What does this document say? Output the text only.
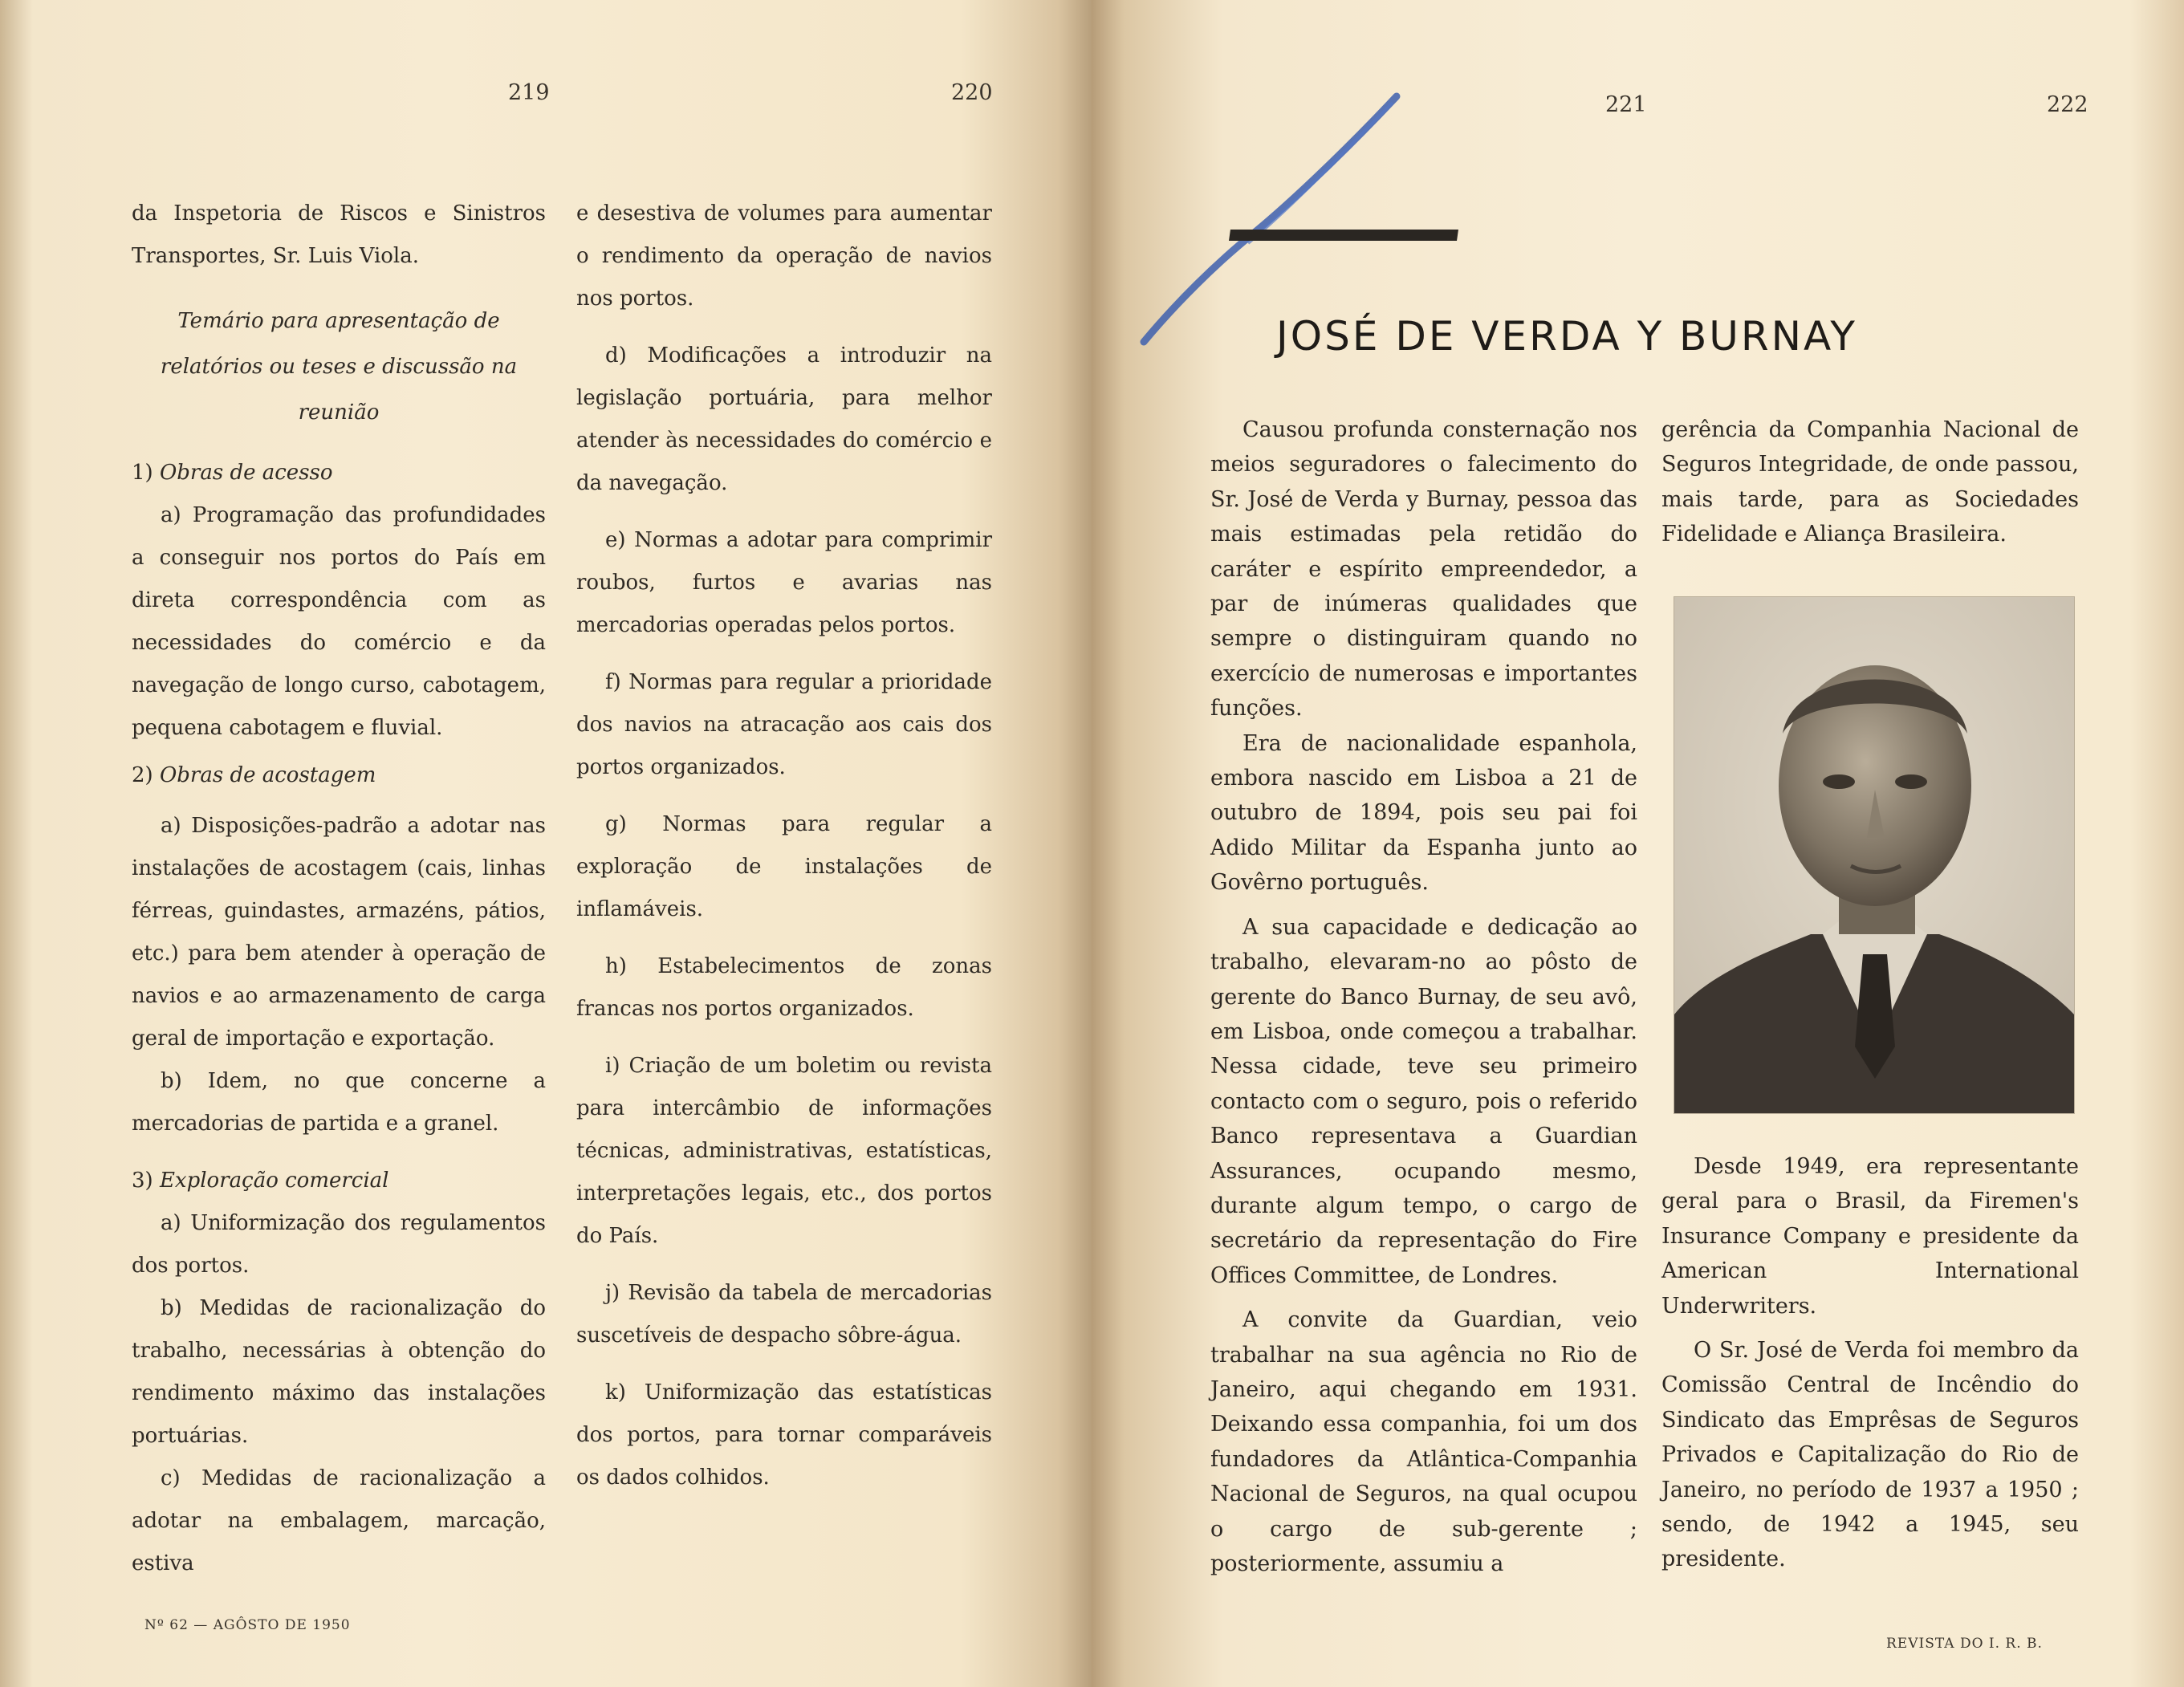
219	220

da Inspetoria de Riscos e Sinistros Transportes, Sr. Luis Viola.

Temário para apresentação de relatórios ou teses e discussão na reunião

1) Obras de acesso

a) Programação das profundidades a conseguir nos portos do País em direta correspondência com as necessidades do comércio e da navegação de longo curso, cabotagem, pequena cabotagem e fluvial.

2) Obras de acostagem

a) Disposições-padrão a adotar nas instalações de acostagem (cais, linhas férreas, guindastes, armazéns, pátios, etc.) para bem atender à operação de navios e ao armazenamento de carga geral de importação e exportação.

b) Idem, no que concerne a mercadorias de partida e a granel.

3) Exploração comercial

a) Uniformização dos regulamentos dos portos.

b) Medidas de racionalização do trabalho, necessárias à obtenção do rendimento máximo das instalações portuárias.

c) Medidas de racionalização a adotar na embalagem, marcação, estiva

e desestiva de volumes para aumentar o rendimento da operação de navios nos portos.

d) Modificações a introduzir na legislação portuária, para melhor atender às necessidades do comércio e da navegação.

e) Normas a adotar para comprimir roubos, furtos e avarias nas mercadorias operadas pelos portos.

f) Normas para regular a prioridade dos navios na atracação aos cais dos portos organizados.

g) Normas para regular a exploração de instalações de inflamáveis.

h) Estabelecimentos de zonas francas nos portos organizados.

i) Criação de um boletim ou revista para intercâmbio de informações técnicas, administrativas, estatísticas, interpretações legais, etc., dos portos do País.

j) Revisão da tabela de mercadorias suscetíveis de despacho sôbre-água.

k) Uniformização das estatísticas dos portos, para tornar comparáveis os dados colhidos.

Nº 62 — AGÔSTO DE 1950
221	222
JOSÉ DE VERDA Y BURNAY

Causou profunda consternação nos meios seguradores o falecimento do Sr. José de Verda y Burnay, pessoa das mais estimadas pela retidão do caráter e espírito empreendedor, a par de inúmeras qualidades que sempre o distinguiram quando no exercício de numerosas e importantes funções.

Era de nacionalidade espanhola, embora nascido em Lisboa a 21 de outubro de 1894, pois seu pai foi Adido Militar da Espanha junto ao Govêrno português.

A sua capacidade e dedicação ao trabalho, elevaram-no ao pôsto de gerente do Banco Burnay, de seu avô, em Lisboa, onde começou a trabalhar. Nessa cidade, teve seu primeiro contacto com o seguro, pois o referido Banco representava a Guardian Assurances, ocupando mesmo, durante algum tempo, o cargo de secretário da representação do Fire Offices Committee, de Londres.

A convite da Guardian, veio trabalhar na sua agência no Rio de Janeiro, aqui chegando em 1931. Deixando essa companhia, foi um dos fundadores da Atlântica-Companhia Nacional de Seguros, na qual ocupou o cargo de sub-gerente ; posteriormente, assumiu a

gerência da Companhia Nacional de Seguros Integridade, de onde passou, mais tarde, para as Sociedades Fidelidade e Aliança Brasileira.

Desde 1949, era representante geral para o Brasil, da Firemen's Insurance Company e presidente da American International Underwriters.

O Sr. José de Verda foi membro da Comissão Central de Incêndio do Sindicato das Emprêsas de Seguros Privados e Capitalização do Rio de Janeiro, no período de 1937 a 1950 ; sendo, de 1942 a 1945, seu presidente.

REVISTA DO I. R. B.
